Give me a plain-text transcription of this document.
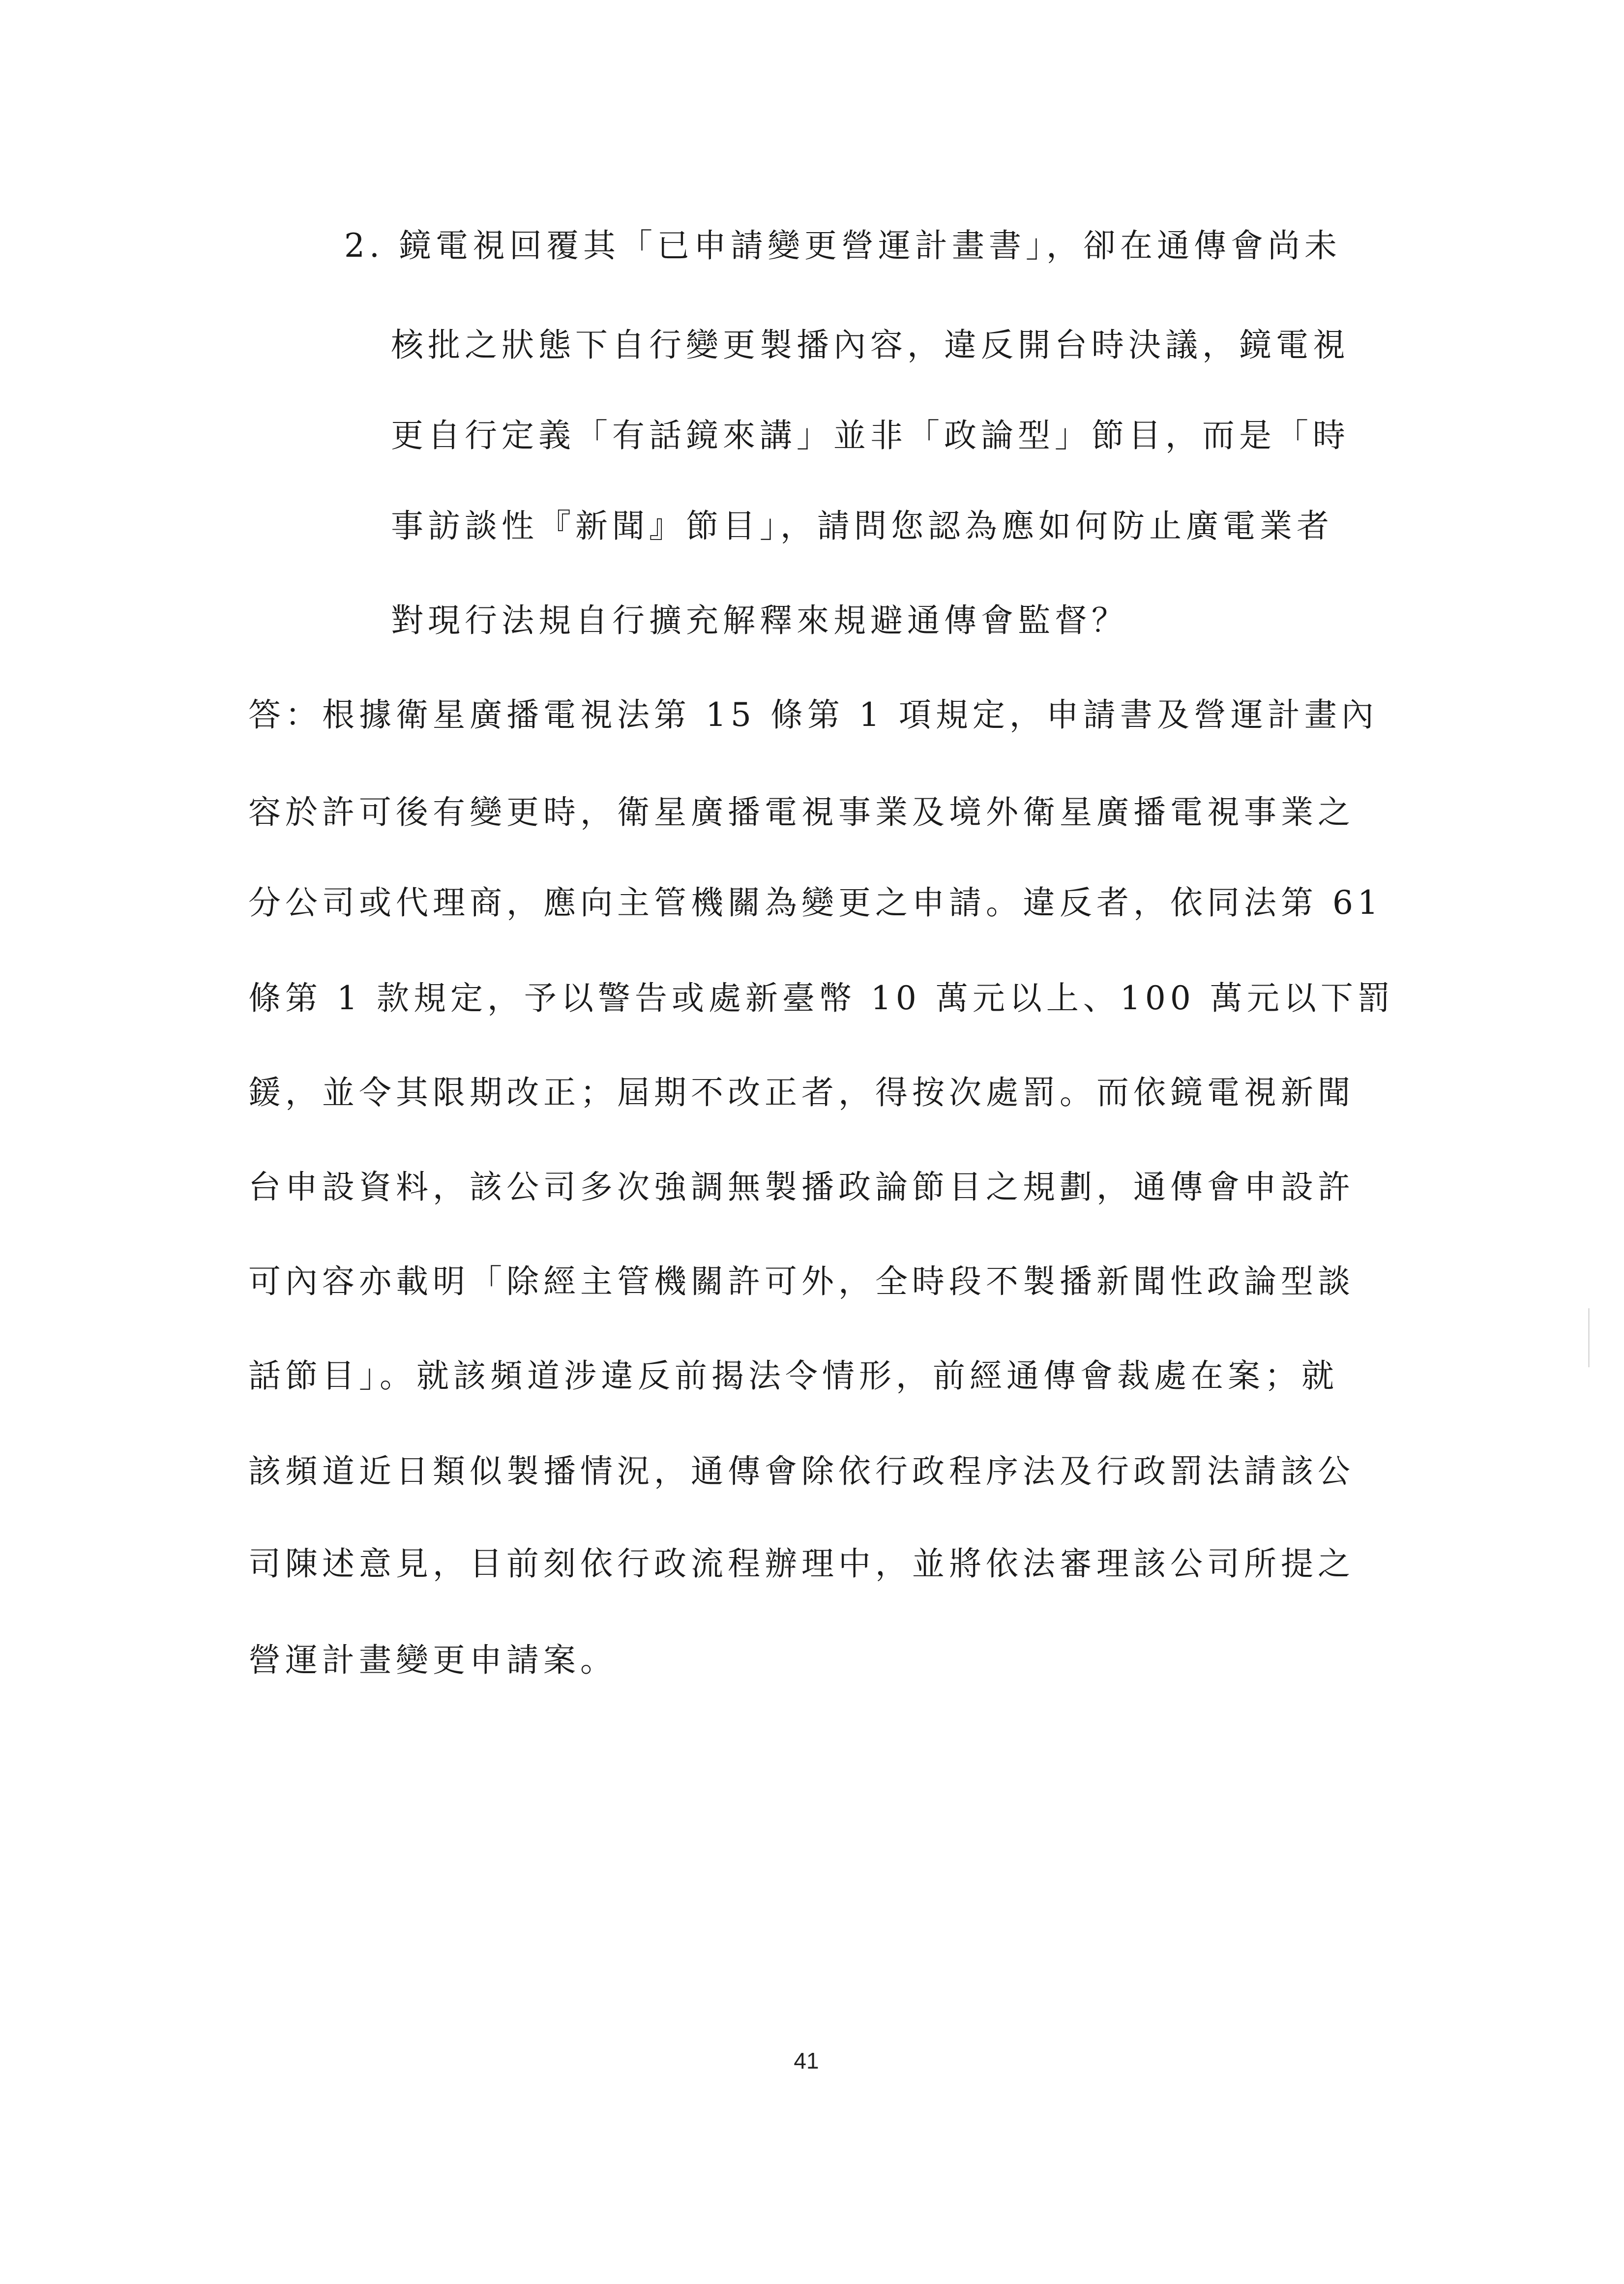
2. 鏡電視回覆其「已申請變更營運計畫書」，卻在通傳會尚未
核批之狀態下自行變更製播內容，違反開台時決議，鏡電視
更自行定義「有話鏡來講」並非「政論型」節目，而是「時
事訪談性『新聞』節目」，請問您認為應如何防止廣電業者
對現行法規自行擴充解釋來規避通傳會監督？
答：根據衛星廣播電視法第 15 條第 1 項規定，申請書及營運計畫內
容於許可後有變更時，衛星廣播電視事業及境外衛星廣播電視事業之
分公司或代理商，應向主管機關為變更之申請。違反者，依同法第 61
條第 1 款規定，予以警告或處新臺幣 10 萬元以上、100 萬元以下罰
鍰，並令其限期改正；屆期不改正者，得按次處罰。而依鏡電視新聞
台申設資料，該公司多次強調無製播政論節目之規劃，通傳會申設許
可內容亦載明「除經主管機關許可外，全時段不製播新聞性政論型談
話節目」。就該頻道涉違反前揭法令情形，前經通傳會裁處在案；就
該頻道近日類似製播情況，通傳會除依行政程序法及行政罰法請該公
司陳述意見，目前刻依行政流程辦理中，並將依法審理該公司所提之
營運計畫變更申請案。
41
